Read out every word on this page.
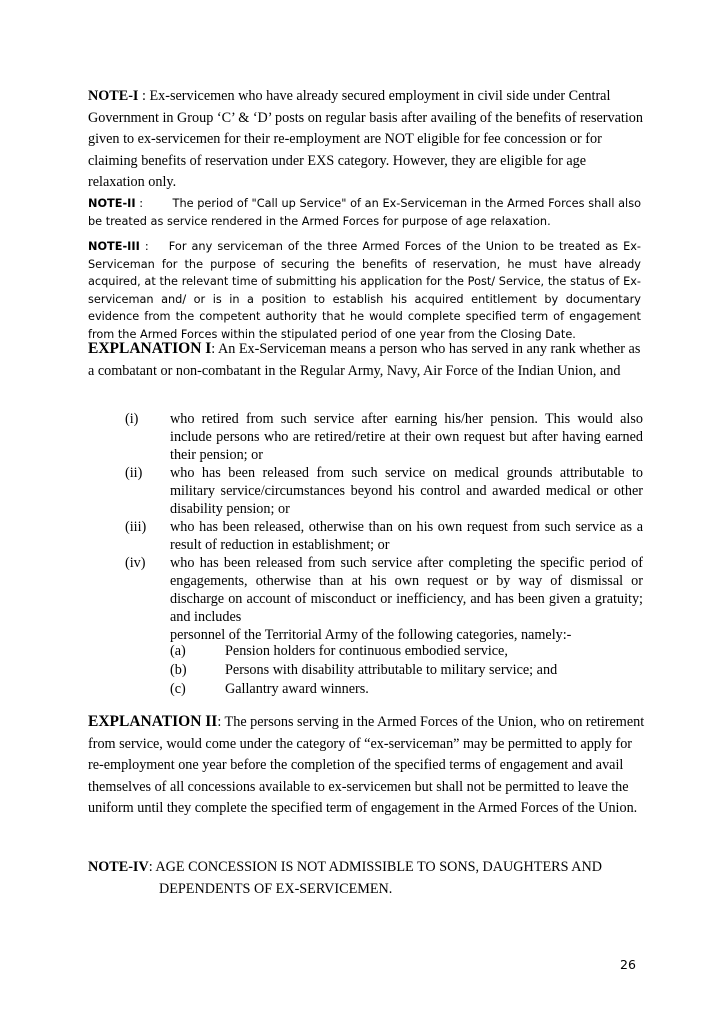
NOTE-I : Ex-servicemen who have already secured employment in civil side under Central Government in Group ‘C’ & ‘D’ posts on regular basis after availing of the benefits of reservation given to ex-servicemen for their re-employment are NOT eligible for fee concession or for claiming benefits of reservation under EXS category. However, they are eligible for age relaxation only.

NOTE-II :        The period of "Call up Service" of an Ex-Serviceman in the Armed Forces shall also be treated as service rendered in the Armed Forces for purpose of age relaxation.

NOTE-III :    For any serviceman of the three Armed Forces of the Union to be treated as Ex-Serviceman for the purpose of securing the benefits of reservation, he must have already acquired, at the relevant time of submitting his application for the Post/ Service, the status of Ex-serviceman and/ or is in a position to establish his acquired entitlement by documentary evidence from the competent authority that he would complete specified term of engagement from the Armed Forces within the stipulated period of one year from the Closing Date.

EXPLANATION I: An Ex-Serviceman means a person who has served in any rank whether as a combatant or non-combatant in the Regular Army, Navy, Air Force of the Indian Union, and

(i) who retired from such service after earning his/her pension. This would also include persons who are retired/retire at their own request but after having earned their pension; or
(ii) who has been released from such service on medical grounds attributable to military service/circumstances beyond his control and awarded medical or other disability pension; or
(iii) who has been released, otherwise than on his own request from such service as a result of reduction in establishment; or
(iv) who has been released from such service after completing the specific period of engagements, otherwise than at his own request or by way of dismissal or discharge on account of misconduct or inefficiency, and has been given a gratuity; and includes
personnel of the Territorial Army of the following categories, namely:-
(a)	Pension holders for continuous embodied service,
(b)	Persons with disability attributable to military service; and
(c)	Gallantry award winners.

EXPLANATION II: The persons serving in the Armed Forces of the Union, who on retirement from service, would come under the category of “ex-serviceman” may be permitted to apply for re-employment one year before the completion of the specified terms of engagement and avail themselves of all concessions available to ex-servicemen but shall not be permitted to leave the uniform until they complete the specified term of engagement in the Armed Forces of the Union.

NOTE-IV: AGE CONCESSION IS NOT ADMISSIBLE TO SONS, DAUGHTERS AND
DEPENDENTS OF EX-SERVICEMEN.
26
